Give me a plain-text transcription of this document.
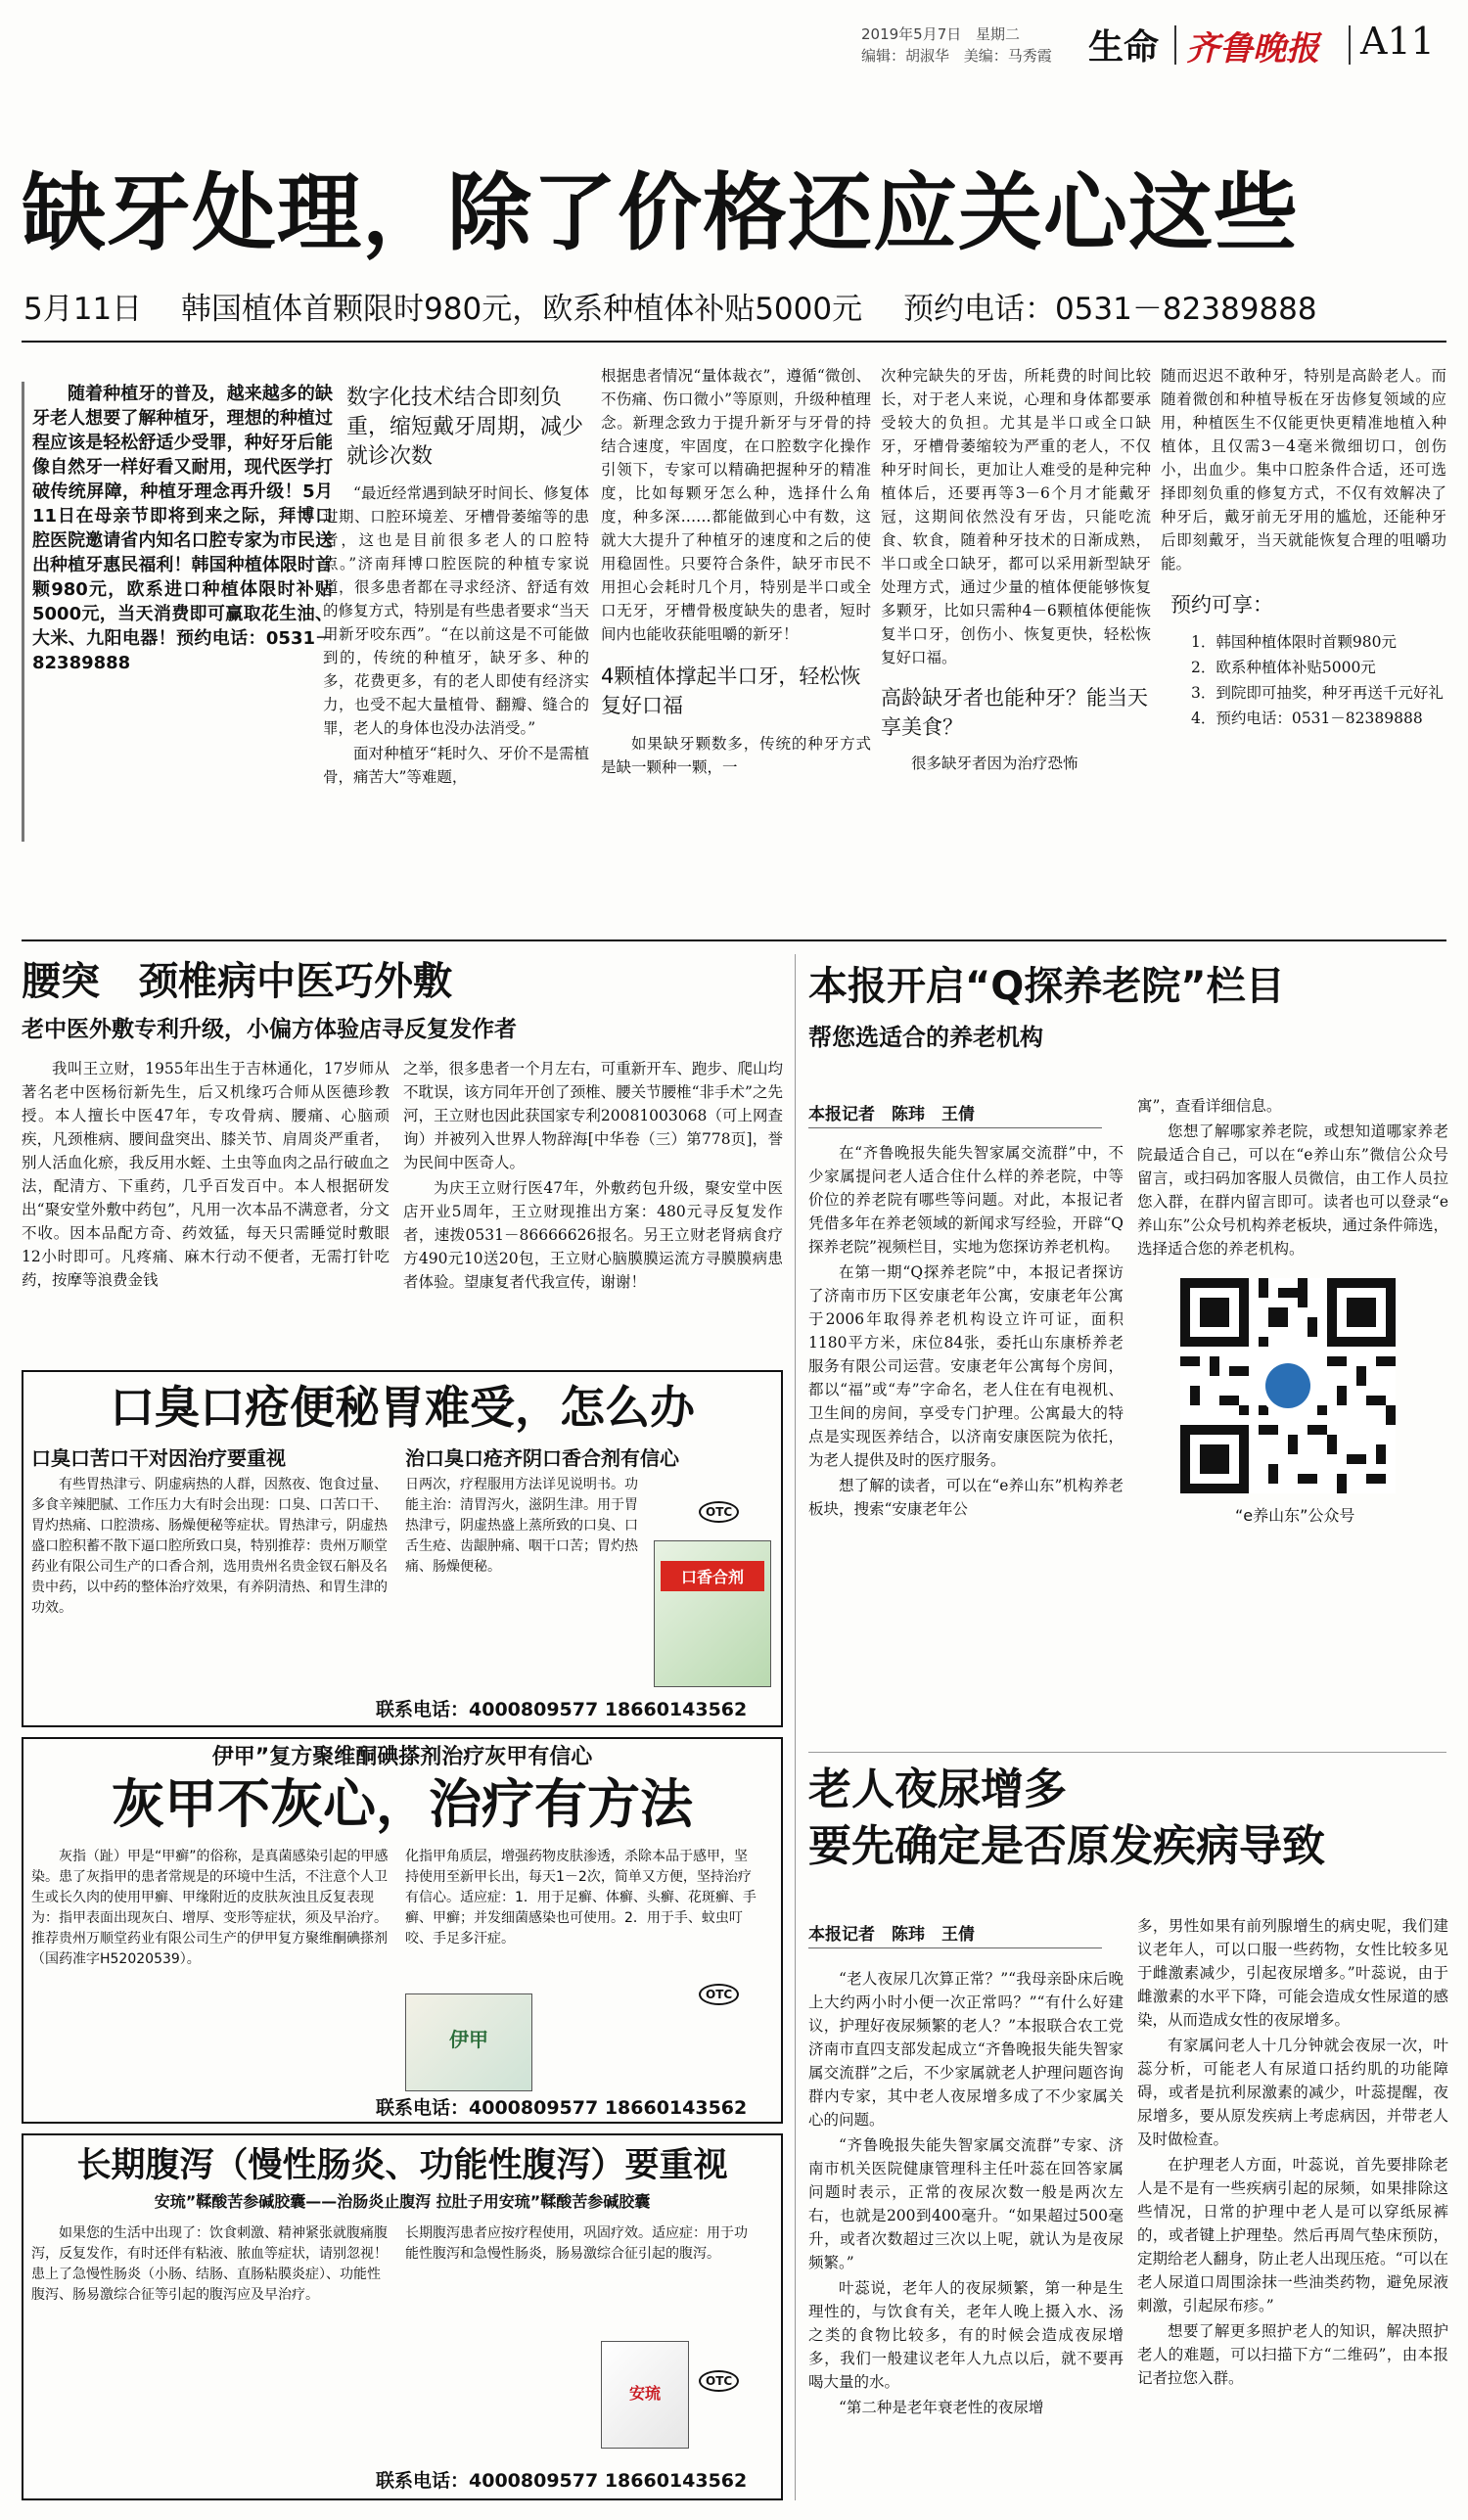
2019年5月7日 星期二
编辑：胡淑华 美编：马秀霞 生命 齐鲁晚报 A11
缺牙处理，除了价格还应关心这些
5月11日 韩国植体首颗限时980元，欧系种植体补贴5000元 预约电话：0531－82389888
随着种植牙的普及，越来越多的缺牙老人想要了解种植牙，理想的种植过程应该是轻松舒适少受罪，种好牙后能像自然牙一样好看又耐用，现代医学打破传统屏障，种植牙理念再升级！5月11日在母亲节即将到来之际，拜博口腔医院邀请省内知名口腔专家为市民送出种植牙惠民福利！韩国种植体限时首颗980元，欧系进口种植体限时补贴5000元，当天消费即可赢取花生油、大米、九阳电器！预约电话：0531－82389888
数字化技术结合即刻负重，缩短戴牙周期，减少就诊次数

“最近经常遇到缺牙时间长、修复体过期、口腔环境差、牙槽骨萎缩等的患者，这也是目前很多老人的口腔特点。”济南拜博口腔医院的种植专家说道，很多患者都在寻求经济、舒适有效的修复方式，特别是有些患者要求“当天用新牙咬东西”。“在以前这是不可能做到的，传统的种植牙，缺牙多、种的多，花费更多，有的老人即使有经济实力，也受不起大量植骨、翻瓣、缝合的罪，老人的身体也没办法消受。”

面对种植牙“耗时久、牙价不是需植骨，痛苦大”等难题，

根据患者情况“量体裁衣”，遵循“微创、不伤痛、伤口微小”等原则，升级种植理念。新理念致力于提升新牙与牙骨的持结合速度，牢固度，在口腔数字化操作引领下，专家可以精确把握种牙的精准度，比如每颗牙怎么种，选择什么角度，种多深……都能做到心中有数，这就大大提升了种植牙的速度和之后的使用稳固性。只要符合条件，缺牙市民不用担心会耗时几个月，特别是半口或全口无牙，牙槽骨极度缺失的患者，短时间内也能收获能咀嚼的新牙！

4颗植体撑起半口牙，轻松恢复好口福

如果缺牙颗数多，传统的种牙方式是缺一颗种一颗，一

次种完缺失的牙齿，所耗费的时间比较长，对于老人来说，心理和身体都要承受较大的负担。尤其是半口或全口缺牙，牙槽骨萎缩较为严重的老人，不仅种牙时间长，更加让人难受的是种完种植体后，还要再等3－6个月才能戴牙冠，这期间依然没有牙齿，只能吃流食、软食，随着种牙技术的日渐成熟，半口或全口缺牙，都可以采用新型缺牙处理方式，通过少量的植体便能够恢复多颗牙，比如只需种4－6颗植体便能恢复半口牙，创伤小、恢复更快，轻松恢复好口福。

高龄缺牙者也能种牙？能当天享美食？

很多缺牙者因为治疗恐怖

随而迟迟不敢种牙，特别是高龄老人。而随着微创和种植导板在牙齿修复领域的应用，种植医生不仅能更快更精准地植入种植体，且仅需3－4毫米微细切口，创伤小，出血少。集中口腔条件合适，还可选择即刻负重的修复方式，不仅有效解决了种牙后，戴牙前无牙用的尴尬，还能种牙后即刻戴牙，当天就能恢复合理的咀嚼功能。

预约可享：

1．韩国种植体限时首颗980元

2．欧系种植体补贴5000元

3．到院即可抽奖，种牙再送千元好礼

4．预约电话：0531－82389888

腰突　颈椎病中医巧外敷
老中医外敷专利升级，小偏方体验店寻反复发作者

我叫王立财，1955年出生于吉林通化，17岁师从著名老中医杨衍新先生，后又机缘巧合师从医德珍教授。本人擅长中医47年，专攻骨病、腰痛、心脑顽疾，凡颈椎病、腰间盘突出、膝关节、肩周炎严重者，别人活血化瘀，我反用水蛭、土虫等血肉之品行破血之法，配清方、下重药，几乎百发百中。本人根据研发出“聚安堂外敷中药包”，凡用一次本品不满意者，分文不收。因本品配方奇、药效猛，每天只需睡觉时敷眼12小时即可。凡疼痛、麻木行动不便者，无需打针吃药，按摩等浪费金钱

之举，很多患者一个月左右，可重新开车、跑步、爬山均不耽误，该方同年开创了颈椎、腰关节腰椎“非手术”之先河，王立财也因此获国家专利20081003068（可上网查询）并被列入世界人物辞海[中华卷（三）第778页]，誉为民间中医奇人。

为庆王立财行医47年，外敷药包升级，聚安堂中医店开业5周年，王立财现推出方案：480元寻反复发作者，速拨0531－86666626报名。另王立财老肾病食疗方490元10送20包，王立财心脑膜膜运流方寻膜膜病患者体验。望康复者代我宣传，谢谢！

口臭口疮便秘胃难受，怎么办
口臭口苦口干对因治疗要重视
有些胃热津亏、阴虚病热的人群，因熬夜、饱食过量、多食辛辣肥腻、工作压力大有时会出现：口臭、口苦口干、胃灼热痛、口腔溃疡、肠燥便秘等症状。胃热津亏，阴虚热盛口腔积蓄不散下逼口腔所致口臭，特别推荐：贵州万顺堂药业有限公司生产的口香合剂，选用贵州名贵金钗石斛及名贵中药，以中药的整体治疗效果，有养阴清热、和胃生津的功效。
治口臭口疮齐阴口香合剂有信心
日两次，疗程服用方法详见说明书。功能主治：清胃泻火，滋阴生津。用于胃热津亏，阴虚热盛上蒸所致的口臭、口舌生疮、齿龈肿痛、咽干口苦；胃灼热痛、肠燥便秘。
OTC
口香合剂
联系电话：4000809577 18660143562
伊甲”复方聚维酮碘搽剂治疗灰甲有信心
灰甲不灰心，治疗有方法
灰指（趾）甲是“甲癣”的俗称，是真菌感染引起的甲感染。患了灰指甲的患者常规是的环境中生活，不注意个人卫生或长久肉的使用甲癣、甲缘附近的皮肤灰浊且反复表现为：指甲表面出现灰白、增厚、变形等症状，须及早治疗。推荐贵州万顺堂药业有限公司生产的伊甲复方聚维酮碘搽剂（国药准字H52020539）。
化指甲角质层，增强药物皮肤渗透，杀除本品于感甲，坚持使用至新甲长出，每天1－2次，简单又方便，坚持治疗有信心。适应症：1．用于足癣、体癣、头癣、花斑癣、手癣、甲癣；并发细菌感染也可使用。2．用于手、蚊虫叮咬、手足多汗症。
OTC
伊甲
联系电话：4000809577 18660143562
长期腹泻（慢性肠炎、功能性腹泻）要重视
安琉”鞣酸苦参碱胶囊——治肠炎止腹泻 拉肚子用安琉”鞣酸苦参碱胶囊
如果您的生活中出现了：饮食刺激、精神紧张就腹痛腹泻，反复发作，有时还伴有粘液、脓血等症状，请别忽视！患上了急慢性肠炎（小肠、结肠、直肠粘膜炎症）、功能性腹泻、肠易激综合征等引起的腹泻应及早治疗。
长期腹泻患者应按疗程使用，巩固疗效。适应症：用于功能性腹泻和急慢性肠炎，肠易激综合征引起的腹泻。
OTC
安琉
联系电话：4000809577 18660143562
本报开启“Q探养老院”栏目
帮您选适合的养老机构
本报记者　陈玮　王倩

在“齐鲁晚报失能失智家属交流群”中，不少家属提问老人适合住什么样的养老院，中等价位的养老院有哪些等问题。对此，本报记者凭借多年在养老领域的新闻求写经验，开辟“Q探养老院”视频栏目，实地为您探访养老机构。

在第一期“Q探养老院”中，本报记者探访了济南市历下区安康老年公寓，安康老年公寓于2006年取得养老机构设立许可证，面积1180平方米，床位84张，委托山东康桥养老服务有限公司运营。安康老年公寓每个房间，都以“福”或“寿”字命名，老人住在有电视机、卫生间的房间，享受专门护理。公寓最大的特点是实现医养结合，以济南安康医院为依托，为老人提供及时的医疗服务。

想了解的读者，可以在“e养山东”机构养老板块，搜索“安康老年公

寓”，查看详细信息。

您想了解哪家养老院，或想知道哪家养老院最适合自己，可以在“e养山东”微信公众号留言，或扫码加客服人员微信，由工作人员拉您入群，在群内留言即可。读者也可以登录“e养山东”公众号机构养老板块，通过条件筛选，选择适合您的养老机构。

“e养山东”公众号
老人夜尿增多
要先确定是否原发疾病导致
本报记者　陈玮　王倩

“老人夜尿几次算正常？”“我母亲卧床后晚上大约两小时小便一次正常吗？”“有什么好建议，护理好夜尿频繁的老人？”本报联合农工党济南市直四支部发起成立“齐鲁晚报失能失智家属交流群”之后，不少家属就老人护理问题咨询群内专家，其中老人夜尿增多成了不少家属关心的问题。

“齐鲁晚报失能失智家属交流群”专家、济南市机关医院健康管理科主任叶蕊在回答家属问题时表示，正常的夜尿次数一般是两次左右，也就是200到400毫升。“如果超过500毫升，或者次数超过三次以上呢，就认为是夜尿频繁。”

叶蕊说，老年人的夜尿频繁，第一种是生理性的，与饮食有关，老年人晚上摄入水、汤之类的食物比较多，有的时候会造成夜尿增多，我们一般建议老年人九点以后，就不要再喝大量的水。

“第二种是老年衰老性的夜尿增

多，男性如果有前列腺增生的病史呢，我们建议老年人，可以口服一些药物，女性比较多见于雌激素减少，引起夜尿增多。”叶蕊说，由于雌激素的水平下降，可能会造成女性尿道的感染，从而造成女性的夜尿增多。

有家属问老人十几分钟就会夜尿一次，叶蕊分析，可能老人有尿道口括约肌的功能障碍，或者是抗利尿激素的减少，叶蕊提醒，夜尿增多，要从原发疾病上考虑病因，并带老人及时做检查。

在护理老人方面，叶蕊说，首先要排除老人是不是有一些疾病引起的尿频，如果排除这些情况，日常的护理中老人是可以穿纸尿裤的，或者键上护理垫。然后再周气垫床预防，定期给老人翻身，防止老人出现压疮。“可以在老人尿道口周围涂抹一些油类药物，避免尿液刺激，引起尿布疹。”

想要了解更多照护老人的知识，解决照护老人的难题，可以扫描下方“二维码”，由本报记者拉您入群。
